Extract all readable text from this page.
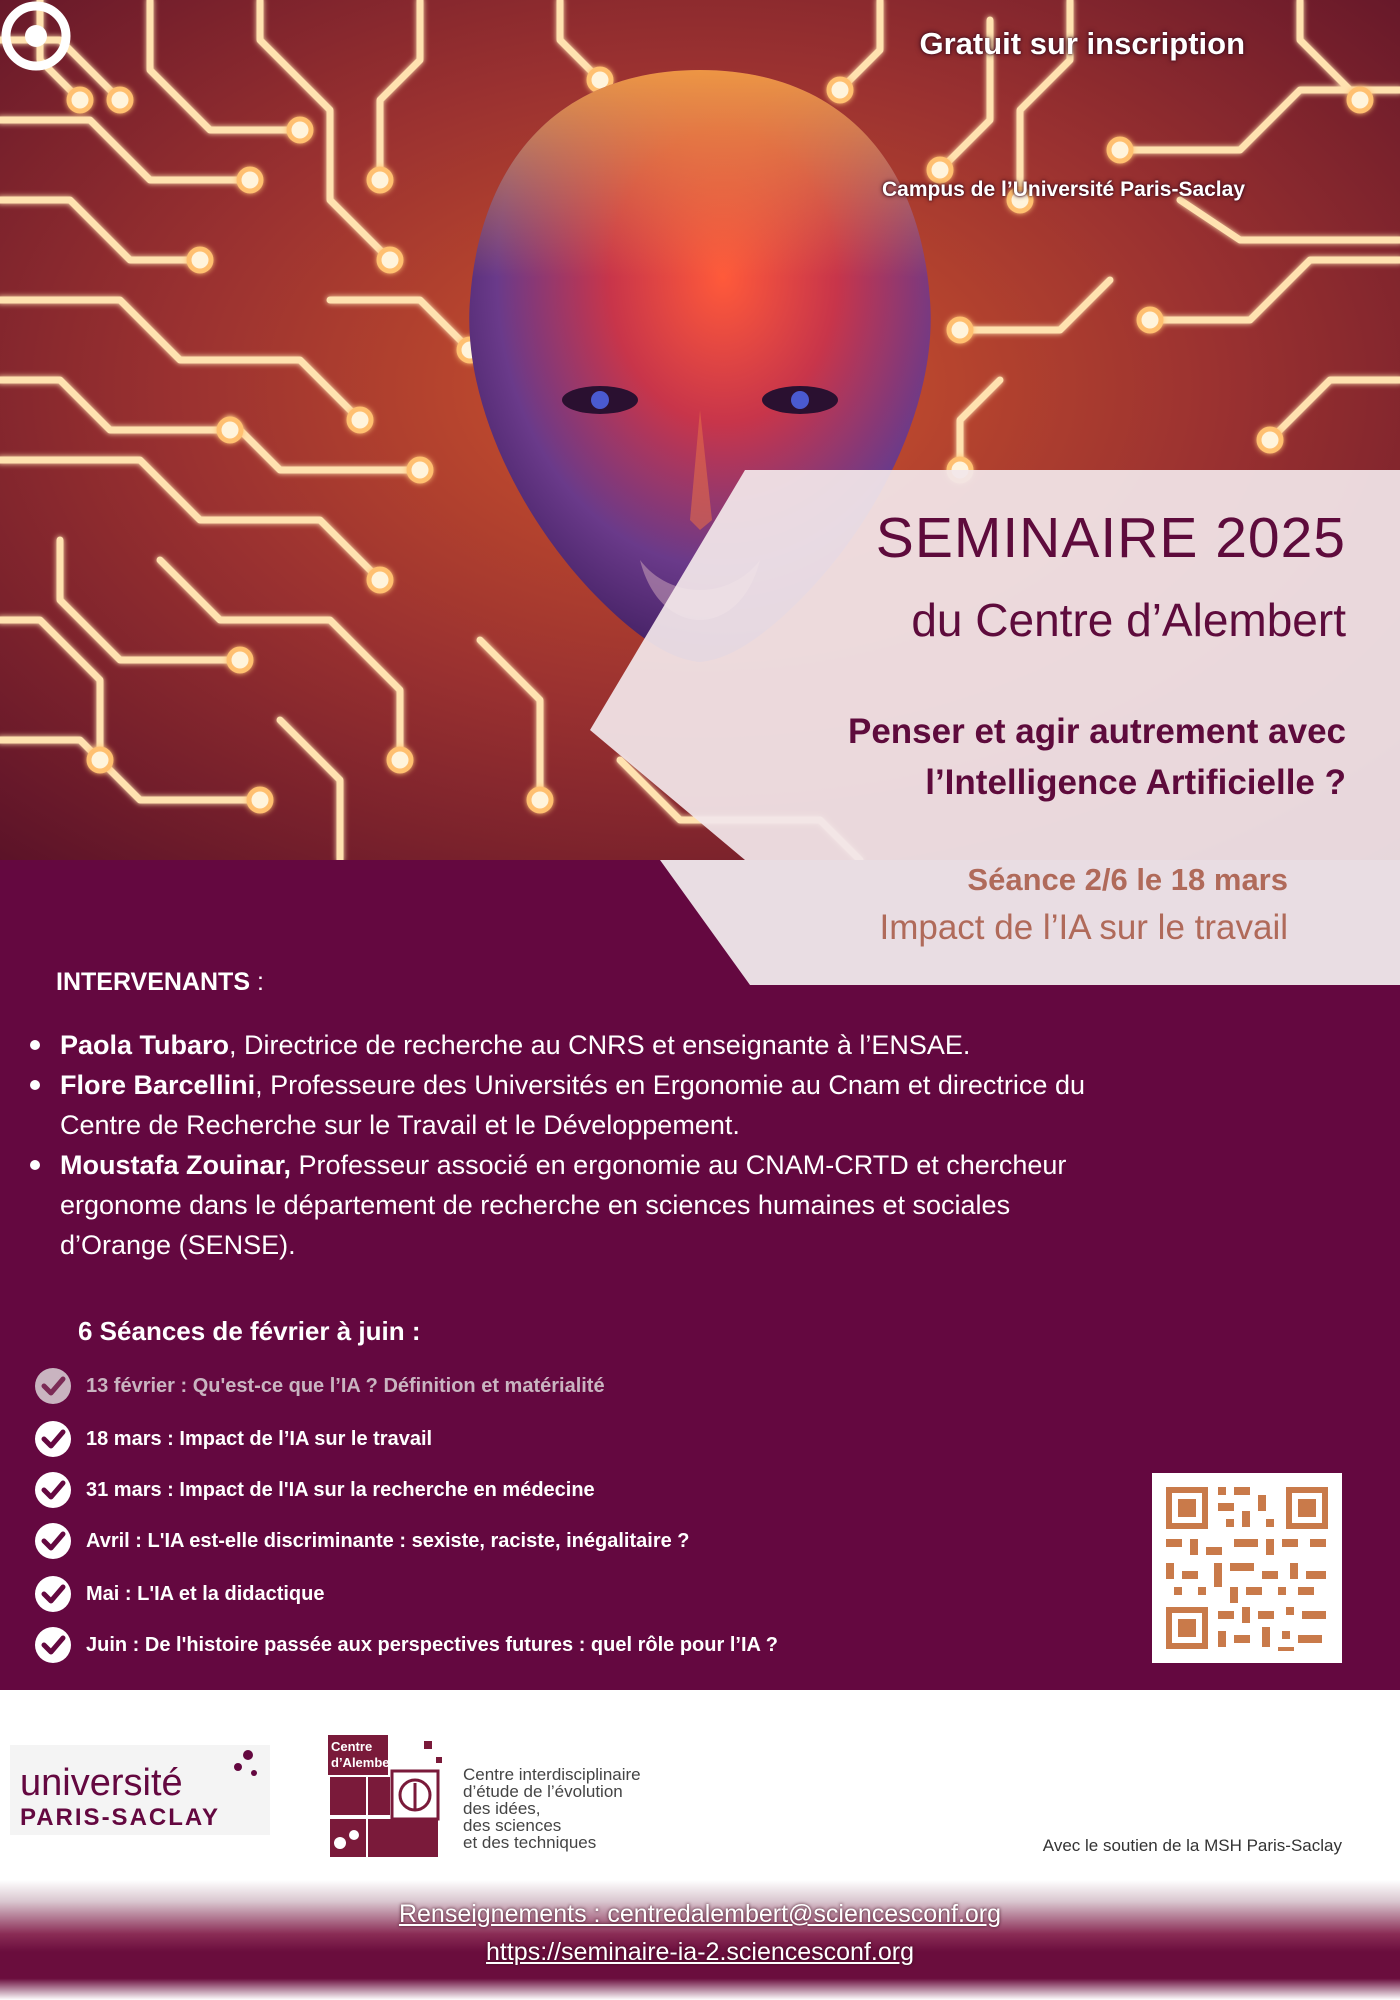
Gratuit sur inscription
Campus de l’Université Paris-Saclay
SEMINAIRE 2025
du Centre d’Alembert
Penser et agir autrement avec
l’Intelligence Artificielle ?
Séance 2/6 le 18 mars
Impact de l’IA sur le travail
INTERVENANTS :
Paola Tubaro, Directrice de recherche au CNRS et enseignante à l’ENSAE.
Flore Barcellini, Professeure des Universités en Ergonomie au Cnam et directrice du
Centre de Recherche sur le Travail et le Développement.
Moustafa Zouinar, Professeur associé en ergonomie au CNAM-CRTD et chercheur
ergonome dans le département de recherche en sciences humaines et sociales
d’Orange (SENSE).
6 Séances de février à juin :
13 février : Qu'est-ce que l’IA ? Définition et matérialité
18 mars : Impact de l’IA sur le travail
31 mars : Impact de l'IA sur la recherche en médecine
Avril : L'IA est-elle discriminante : sexiste, raciste, inégalitaire ?
Mai : L'IA et la didactique
Juin : De l'histoire passée aux perspectives futures : quel rôle pour l’IA ?
Présentiel ou distanciel
Institut Pascal - 91400 Orsay
université
PARIS-SACLAY
Centre
d’Alembert
Centre interdisciplinaire
d’étude de l’évolution
des idées,
des sciences
et des techniques	Avec le soutien de la MSH Paris-Saclay
Renseignements : centredalembert@sciencesconf.org
https://seminaire-ia-2.sciencesconf.org
